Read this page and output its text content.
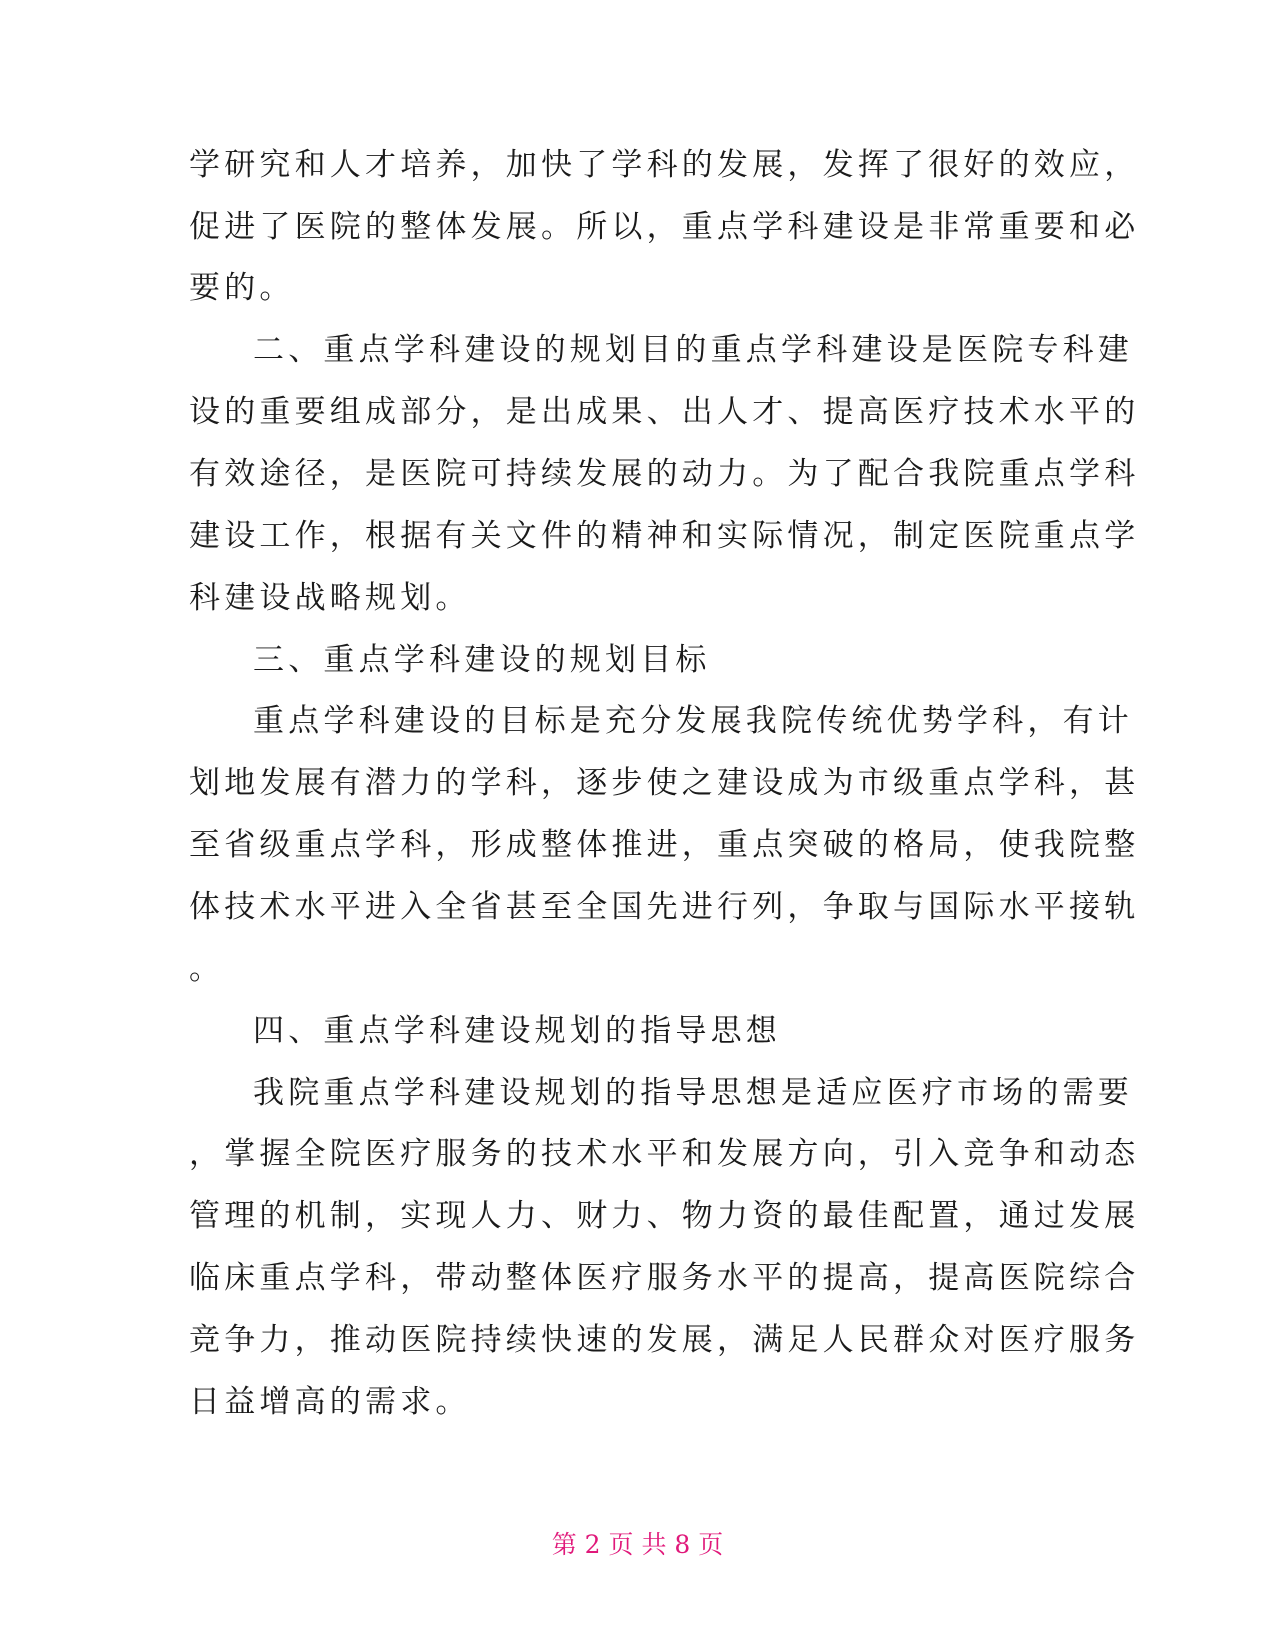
学研究和人才培养，加快了学科的发展，发挥了很好的效应，
促进了医院的整体发展。所以，重点学科建设是非常重要和必
要的。
二、重点学科建设的规划目的重点学科建设是医院专科建
设的重要组成部分，是出成果、出人才、提高医疗技术水平的
有效途径，是医院可持续发展的动力。为了配合我院重点学科
建设工作，根据有关文件的精神和实际情况，制定医院重点学
科建设战略规划。
三、重点学科建设的规划目标
重点学科建设的目标是充分发展我院传统优势学科，有计
划地发展有潜力的学科，逐步使之建设成为市级重点学科，甚
至省级重点学科，形成整体推进，重点突破的格局，使我院整
体技术水平进入全省甚至全国先进行列，争取与国际水平接轨
。
四、重点学科建设规划的指导思想
我院重点学科建设规划的指导思想是适应医疗市场的需要
，掌握全院医疗服务的技术水平和发展方向，引入竞争和动态
管理的机制，实现人力、财力、物力资的最佳配置，通过发展
临床重点学科，带动整体医疗服务水平的提高，提高医院综合
竞争力，推动医院持续快速的发展，满足人民群众对医疗服务
日益增高的需求。
第 2 页 共 8 页
